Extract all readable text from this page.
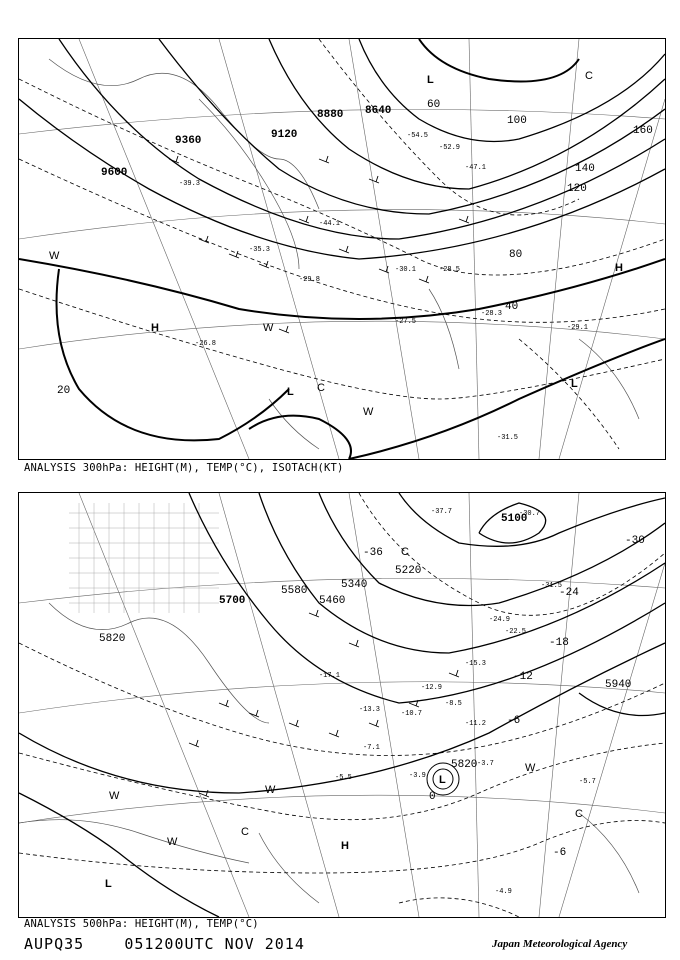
9600
9360	9120
8880 8640
20
40
60
80
100
120
140
160
-54.5
-52.9
-47.1
-44.1
-39.3
-35.3
-30.1	-28.5
-29.8
-27.5
-28.3
-29.1
-31.5
-26.8
H
L
L
H
L
C
C
W
W
W
ANALYSIS 300hPa: HEIGHT(M), TEMP(°C), ISOTACH(KT)
5820
5700
5580
5460
5340
5220
5100
5940
5820
-30
-24
-18
-12
-6
0
-6
-36
-37.7	-30.7
-31.5
-24.9
-22.5
-15.3
-12.9
-10.7
-8.5
-7.1
-5.5	-3.9
-3.7
-5.7
-4.9
-13.3
-17.1
-11.2
H
L
L
C
C
C
W
W
W
W
ANALYSIS 500hPa: HEIGHT(M), TEMP(°C)
AUPQ35	051200UTC NOV 2014	Japan Meteorological Agency
